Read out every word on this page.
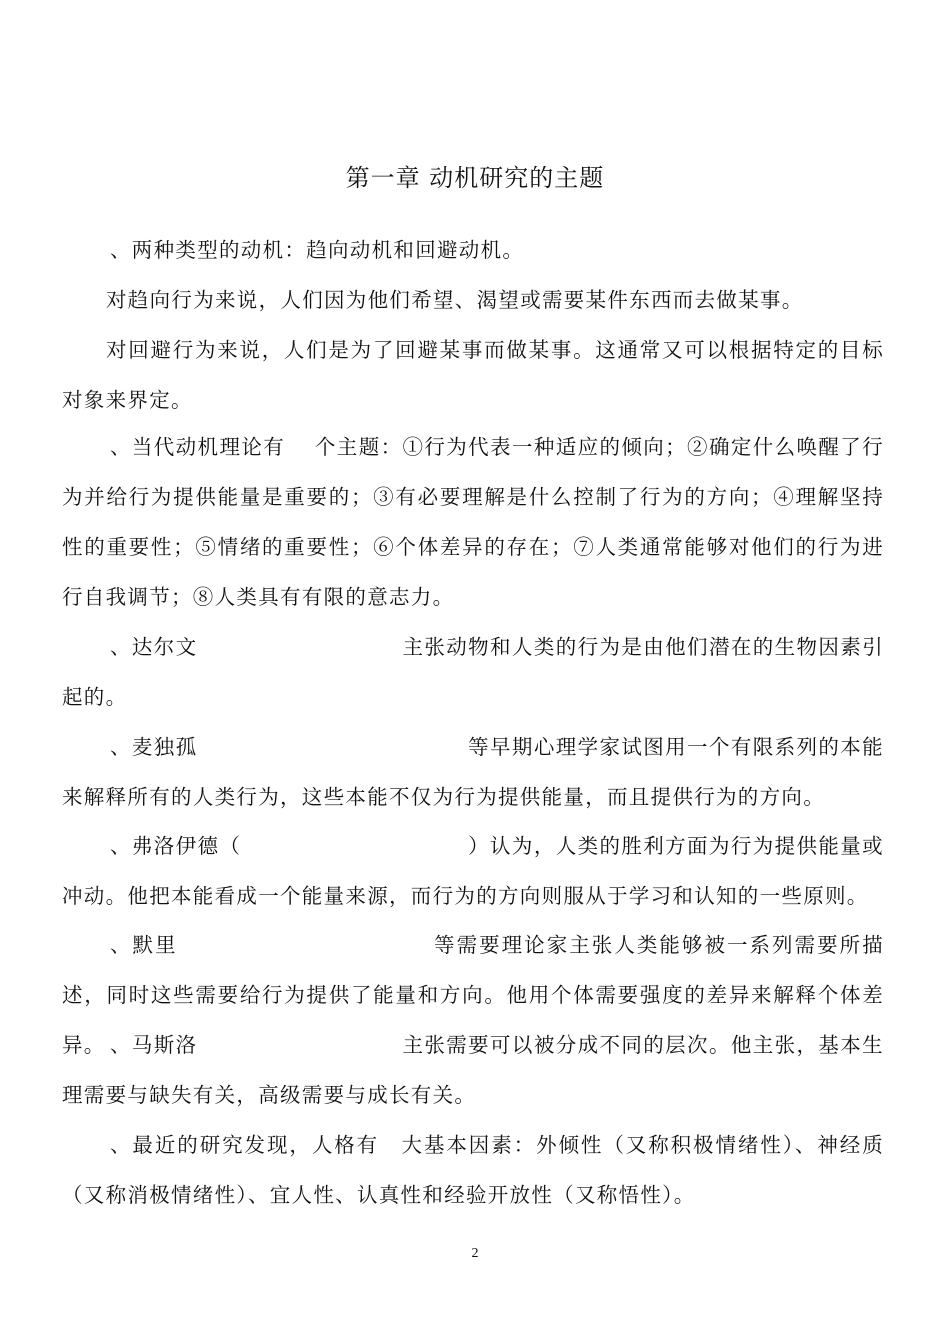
第一章 动机研究的主题

、两种类型的动机：趋向动机和回避动机。

对趋向行为来说，人们因为他们希望、渴望或需要某件东西而去做某事。

对回避行为来说，人们是为了回避某事而做某事。这通常又可以根据特定的目标对象来界定。

、当代动机理论有　 个主题：①行为代表一种适应的倾向；②确定什么唤醒了行为并给行为提供能量是重要的；③有必要理解是什么控制了行为的方向；④理解坚持性的重要性；⑤情绪的重要性；⑥个体差异的存在；⑦人类通常能够对他们的行为进行自我调节；⑧人类具有有限的意志力。

、达尔文　　　　　　　　　 主张动物和人类的行为是由他们潜在的生物因素引起的。

、麦独孤　　　　　　　　　　　　 等早期心理学家试图用一个有限系列的本能来解释所有的人类行为，这些本能不仅为行为提供能量，而且提供行为的方向。

、弗洛伊德（　　　　　　　　　　 ）认为，人类的胜利方面为行为提供能量或冲动。他把本能看成一个能量来源，而行为的方向则服从于学习和认知的一些原则。

、默里　　　　　　　　　　　 等需要理论家主张人类能够被一系列需要所描述，同时这些需要给行为提供了能量和方向。他用个体需要强度的差异来解释个体差异。 、马斯洛　　　　　　　　　 主张需要可以被分成不同的层次。他主张，基本生理需要与缺失有关，高级需要与成长有关。

、最近的研究发现，人格有　大基本因素：外倾性（又称积极情绪性）、神经质（又称消极情绪性）、宜人性、认真性和经验开放性（又称悟性）。

2
